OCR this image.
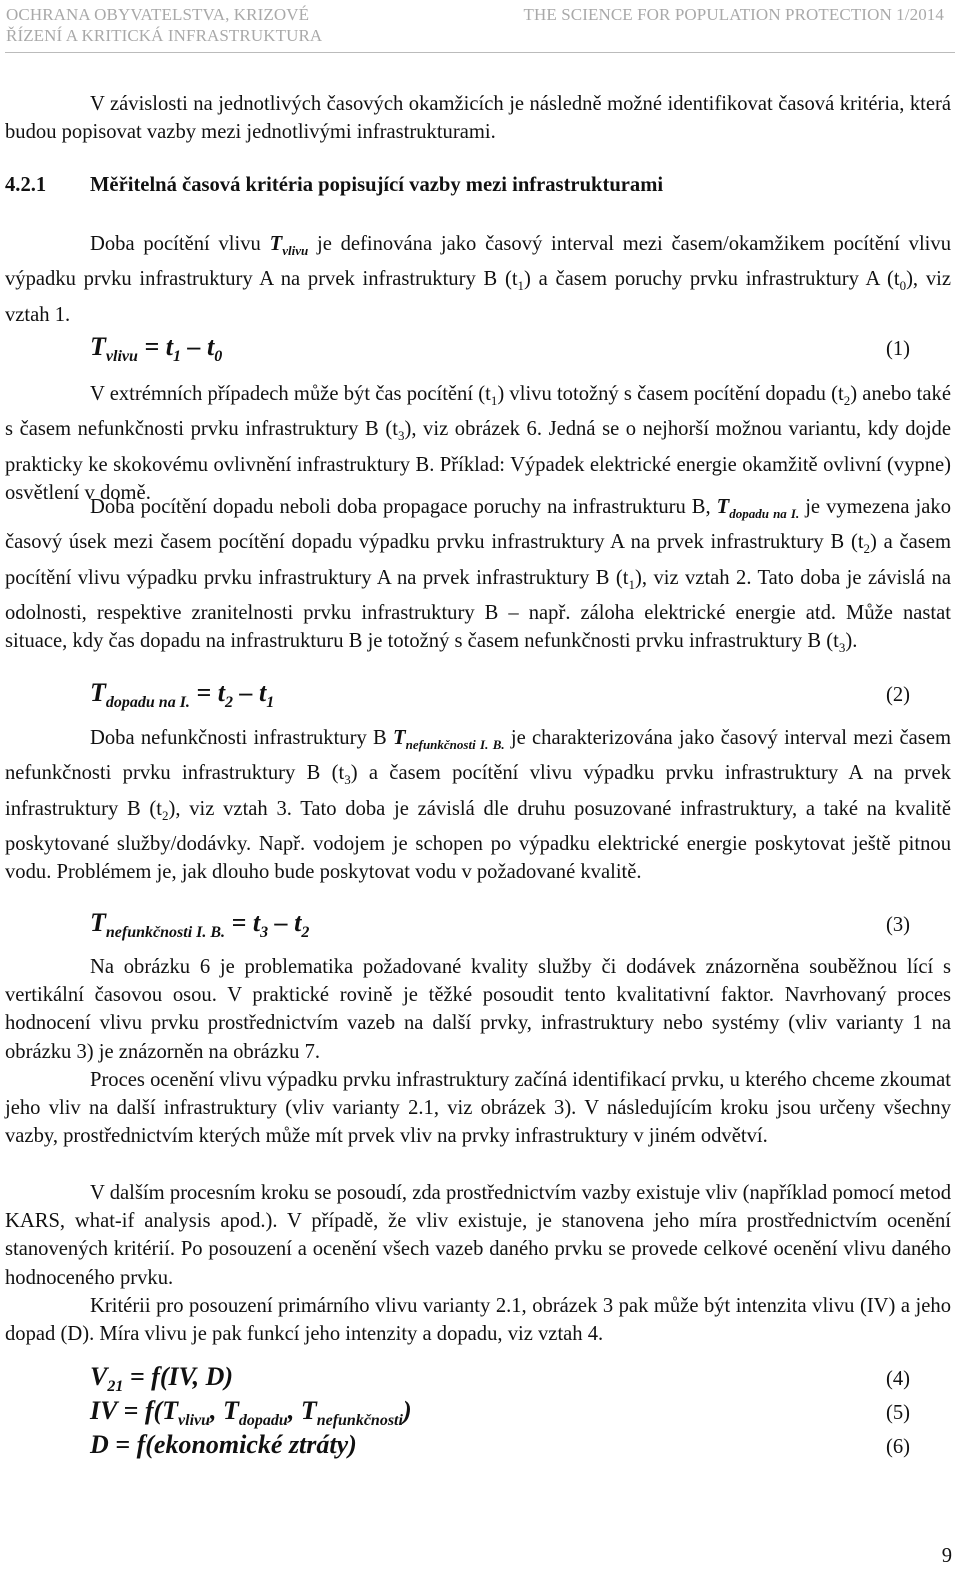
OCHRANA OBYVATELSTVA, KRIZOVÉ
ŘÍZENÍ A KRITICKÁ INFRASTRUKTURA
THE SCIENCE FOR POPULATION PROTECTION 1/2014

V závislosti na jednotlivých časových okamžicích je následně možné identifikovat časová kritéria, která budou popisovat vazby mezi jednotlivými infrastrukturami.

4.2.1 Měřitelná časová kritéria popisující vazby mezi infrastrukturami

Doba pocítění vlivu $T_{vlivu}$ je definována jako časový interval mezi časem/okamžikem pocítění vlivu výpadku prvku infrastruktury A na prvek infrastruktury B $(t_1)$ a časem poruchy prvku infrastruktury A $(t_0)$, viz vztah 1.

$T_{vlivu} = t_1 - t_0$	(1)

V extrémních případech může být čas pocítění $(t_1)$ vlivu totožný s časem pocítění dopadu $(t_2)$ anebo také s časem nefunkčnosti prvku infrastruktury B $(t_3)$, viz obrázek 6. Jedná se o nejhorší možnou variantu, kdy dojde prakticky ke skokovému ovlivnění infrastruktury B. Příklad: Výpadek elektrické energie okamžitě ovlivní (vypne) osvětlení v domě.

Doba pocítění dopadu neboli doba propagace poruchy na infrastrukturu B, $T_{dopadu na I.}$ je vymezena jako časový úsek mezi časem pocítění dopadu výpadku prvku infrastruktury A na prvek infrastruktury B $(t_2)$ a časem pocítění vlivu výpadku prvku infrastruktury A na prvek infrastruktury B $(t_1)$, viz vztah 2. Tato doba je závislá na odolnosti, respektive zranitelnosti prvku infrastruktury B – např. záloha elektrické energie atd. Může nastat situace, kdy čas dopadu na infrastrukturu B je totožný s časem nefunkčnosti prvku infrastruktury B $(t_3)$.

$T_{dopadu na I.} = t_2 - t_1$	(2)

Doba nefunkčnosti infrastruktury B $T_{nefunkčnosti I. B.}$ je charakterizována jako časový interval mezi časem nefunkčnosti prvku infrastruktury B $(t_3)$ a časem pocítění vlivu výpadku prvku infrastruktury A na prvek infrastruktury B $(t_2)$, viz vztah 3. Tato doba je závislá dle druhu posuzované infrastruktury, a také na kvalitě poskytované služby/dodávky. Např. vodojem je schopen po výpadku elektrické energie poskytovat ještě pitnou vodu. Problémem je, jak dlouho bude poskytovat vodu v požadované kvalitě.

$T_{nefunkčnosti I. B.} = t_3 - t_2$	(3)

Na obrázku 6 je problematika požadované kvality služby či dodávek znázorněna souběžnou lící s vertikální časovou osou. V praktické rovině je těžké posoudit tento kvalitativní faktor. Navrhovaný proces hodnocení vlivu prvku prostřednictvím vazeb na další prvky, infrastruktury nebo systémy (vliv varianty 1 na obrázku 3) je znázorněn na obrázku 7.

Proces ocenění vlivu výpadku prvku infrastruktury začíná identifikací prvku, u kterého chceme zkoumat jeho vliv na další infrastruktury (vliv varianty 2.1, viz obrázek 3). V následujícím kroku jsou určeny všechny vazby, prostřednictvím kterých může mít prvek vliv na prvky infrastruktury v jiném odvětví.

V dalším procesním kroku se posoudí, zda prostřednictvím vazby existuje vliv (například pomocí metod KARS, what-if analysis apod.). V případě, že vliv existuje, je stanovena jeho míra prostřednictvím ocenění stanovených kritérií. Po posouzení a ocenění všech vazeb daného prvku se provede celkové ocenění vlivu daného hodnoceného prvku.

Kritérii pro posouzení primárního vlivu varianty 2.1, obrázek 3 pak může být intenzita vlivu (IV) a jeho dopad (D). Míra vlivu je pak funkcí jeho intenzity a dopadu, viz vztah 4.

$V_{21} = f(IV$, D)	(4)
IV = $f(T_{vlivu}$, $T_{dopadu}$, $T_{nefunkčnosti}$)	(5)
D = f(ekonomické ztráty)	(6)
9
